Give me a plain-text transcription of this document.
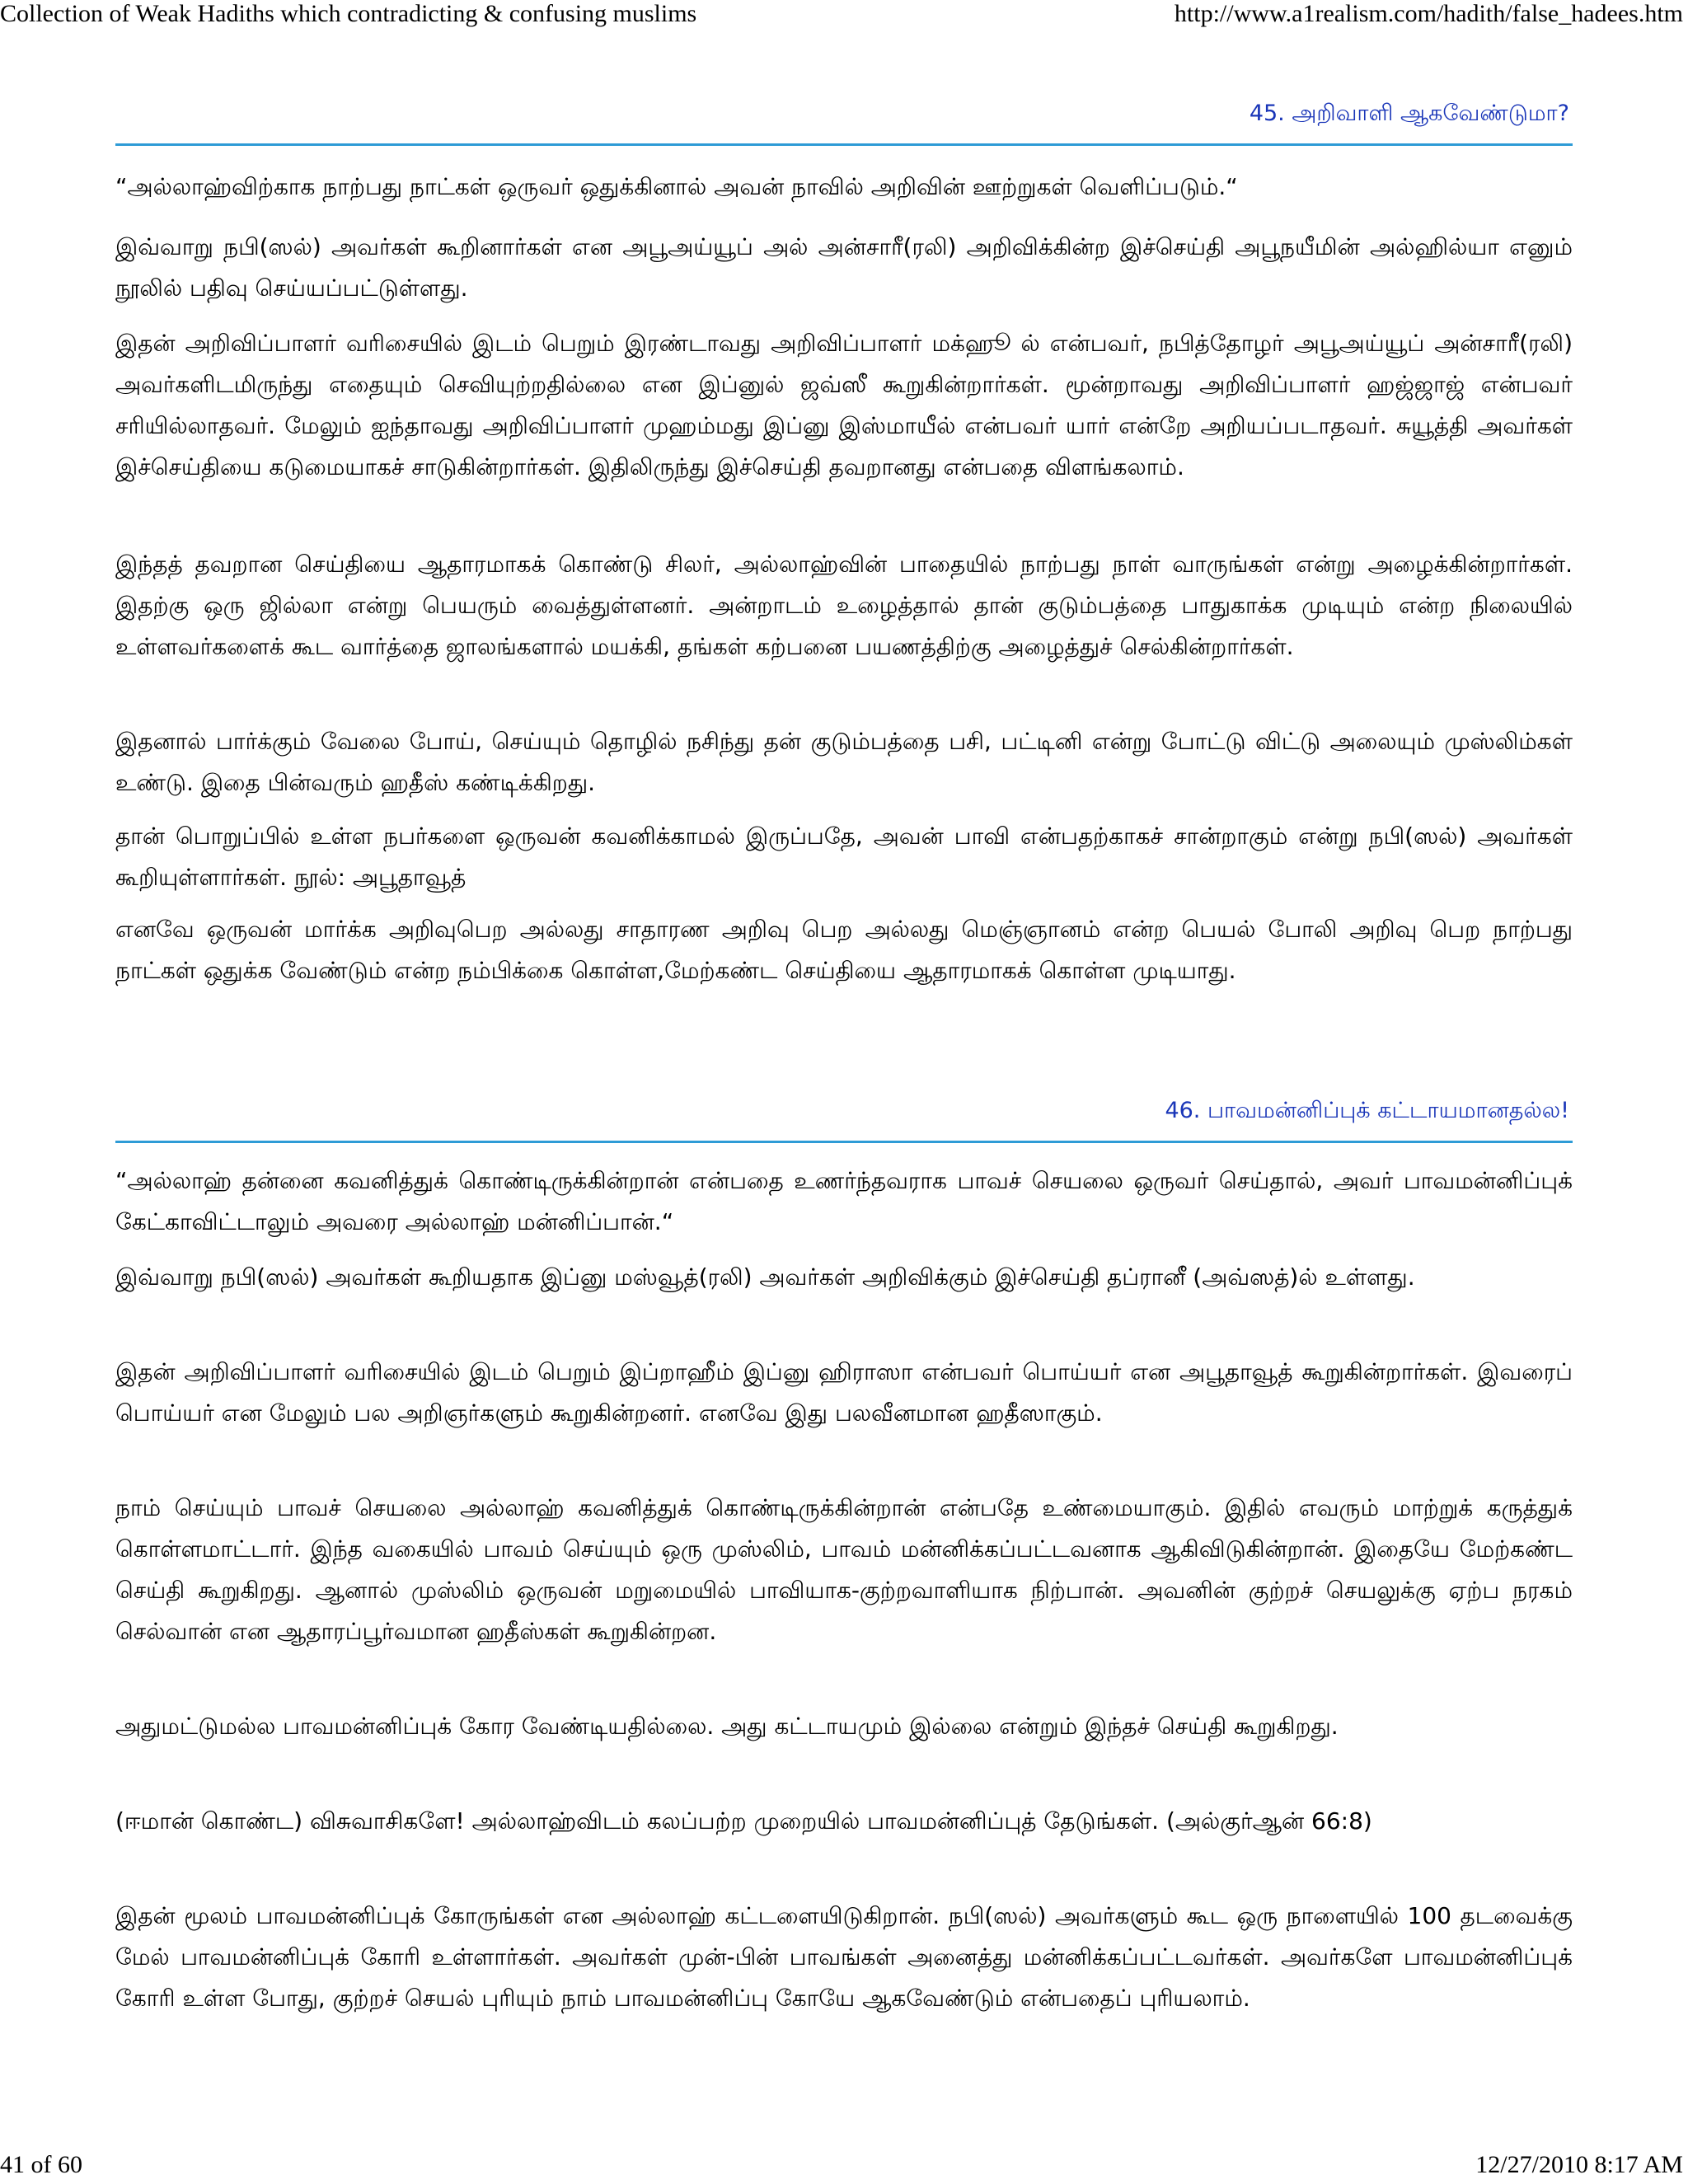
Collection of Weak Hadiths which contradicting & confusing muslims	http://www.a1realism.com/hadith/false_hadees.htm
45. அறிவாளி ஆகவேண்டுமா?

“அல்லாஹ்விற்காக நாற்பது நாட்கள் ஒருவர் ஒதுக்கினால் அவன் நாவில் அறிவின் ஊற்றுகள் வெளிப்படும்.“

இவ்வாறு நபி(ஸல்) அவர்கள் கூறினார்கள் என அபூஅய்யூப் அல் அன்சாரீ(ரலி) அறிவிக்கின்ற இச்செய்தி அபூநயீமின் அல்ஹில்யா எனும் நூலில் பதிவு செய்யப்பட்டுள்ளது.

இதன் அறிவிப்பாளர் வரிசையில் இடம் பெறும் இரண்டாவது அறிவிப்பாளர் மக்ஹூ ல் என்பவர், நபித்தோழர் அபூஅய்யூப் அன்சாரீ(ரலி) அவர்களிடமிருந்து எதையும் செவியுற்றதில்லை என இப்னுல் ஜவ்ஸீ கூறுகின்றார்கள். மூன்றாவது அறிவிப்பாளர் ஹஜ்ஜாஜ் என்பவர் சரியில்லாதவர். மேலும் ஐந்தாவது அறிவிப்பாளர் முஹம்மது இப்னு இஸ்மாயீல் என்பவர் யார் என்றே அறியப்படாதவர். சுயூத்தி அவர்கள் இச்செய்தியை கடுமையாகச் சாடுகின்றார்கள். இதிலிருந்து இச்செய்தி தவறானது என்பதை விளங்கலாம்.

இந்தத் தவறான செய்தியை ஆதாரமாகக் கொண்டு சிலர், அல்லாஹ்வின் பாதையில் நாற்பது நாள் வாருங்கள் என்று அழைக்கின்றார்கள். இதற்கு ஒரு ஜில்லா என்று பெயரும் வைத்துள்ளனர். அன்றாடம் உழைத்தால் தான் குடும்பத்தை பாதுகாக்க முடியும் என்ற நிலையில் உள்ளவர்களைக் கூட வார்த்தை ஜாலங்களால் மயக்கி, தங்கள் கற்பனை பயணத்திற்கு அழைத்துச் செல்கின்றார்கள்.

இதனால் பார்க்கும் வேலை போய், செய்யும் தொழில் நசிந்து தன் குடும்பத்தை பசி, பட்டினி என்று போட்டு விட்டு அலையும் முஸ்லிம்கள் உண்டு. இதை பின்வரும் ஹதீஸ் கண்டிக்கிறது.

தான் பொறுப்பில் உள்ள நபர்களை ஒருவன் கவனிக்காமல் இருப்பதே, அவன் பாவி என்பதற்காகச் சான்றாகும் என்று நபி(ஸல்) அவர்கள் கூறியுள்ளார்கள். நூல்: அபூதாவூத்

எனவே ஒருவன் மார்க்க அறிவுபெற அல்லது சாதாரண அறிவு பெற அல்லது மெஞ்ஞானம் என்ற பெயல் போலி அறிவு பெற நாற்பது நாட்கள் ஒதுக்க வேண்டும் என்ற நம்பிக்கை கொள்ள,மேற்கண்ட செய்தியை ஆதாரமாகக் கொள்ள முடியாது.

46. பாவமன்னிப்புக் கட்டாயமானதல்ல!

“அல்லாஹ் தன்னை கவனித்துக் கொண்டிருக்கின்றான் என்பதை உணர்ந்தவராக பாவச் செயலை ஒருவர் செய்தால், அவர் பாவமன்னிப்புக் கேட்காவிட்டாலும் அவரை அல்லாஹ் மன்னிப்பான்.“

இவ்வாறு நபி(ஸல்) அவர்கள் கூறியதாக இப்னு மஸ்வூத்(ரலி) அவர்கள் அறிவிக்கும் இச்செய்தி தப்ரானீ (அவ்ஸத்)ல் உள்ளது.

இதன் அறிவிப்பாளர் வரிசையில் இடம் பெறும் இப்றாஹீம் இப்னு ஹிராஸா என்பவர் பொய்யர் என அபூதாவூத் கூறுகின்றார்கள். இவரைப் பொய்யர் என மேலும் பல அறிஞர்களும் கூறுகின்றனர். எனவே இது பலவீனமான ஹதீஸாகும்.

நாம் செய்யும் பாவச் செயலை அல்லாஹ் கவனித்துக் கொண்டிருக்கின்றான் என்பதே உண்மையாகும். இதில் எவரும் மாற்றுக் கருத்துக் கொள்ளமாட்டார். இந்த வகையில் பாவம் செய்யும் ஒரு முஸ்லிம், பாவம் மன்னிக்கப்பட்டவனாக ஆகிவிடுகின்றான். இதையே மேற்கண்ட செய்தி கூறுகிறது. ஆனால் முஸ்லிம் ஒருவன் மறுமையில் பாவியாக-குற்றவாளியாக நிற்பான். அவனின் குற்றச் செயலுக்கு ஏற்ப நரகம் செல்வான் என ஆதாரப்பூர்வமான ஹதீஸ்கள் கூறுகின்றன.

அதுமட்டுமல்ல பாவமன்னிப்புக் கோர வேண்டியதில்லை. அது கட்டாயமும் இல்லை என்றும் இந்தச் செய்தி கூறுகிறது.

(ஈமான் கொண்ட) விசுவாசிகளே! அல்லாஹ்விடம் கலப்பற்ற முறையில் பாவமன்னிப்புத் தேடுங்கள். (அல்குர்ஆன் 66:8)

இதன் மூலம் பாவமன்னிப்புக் கோருங்கள் என அல்லாஹ் கட்டளையிடுகிறான். நபி(ஸல்) அவர்களும் கூட ஒரு நாளையில் 100 தடவைக்கு மேல் பாவமன்னிப்புக் கோரி உள்ளார்கள். அவர்கள் முன்-பின் பாவங்கள் அனைத்து மன்னிக்கப்பட்டவர்கள். அவர்களே பாவமன்னிப்புக் கோரி உள்ள போது, குற்றச் செயல் புரியும் நாம் பாவமன்னிப்பு கோயே ஆகவேண்டும் என்பதைப் புரியலாம்.

41 of 60	12/27/2010 8:17 AM
